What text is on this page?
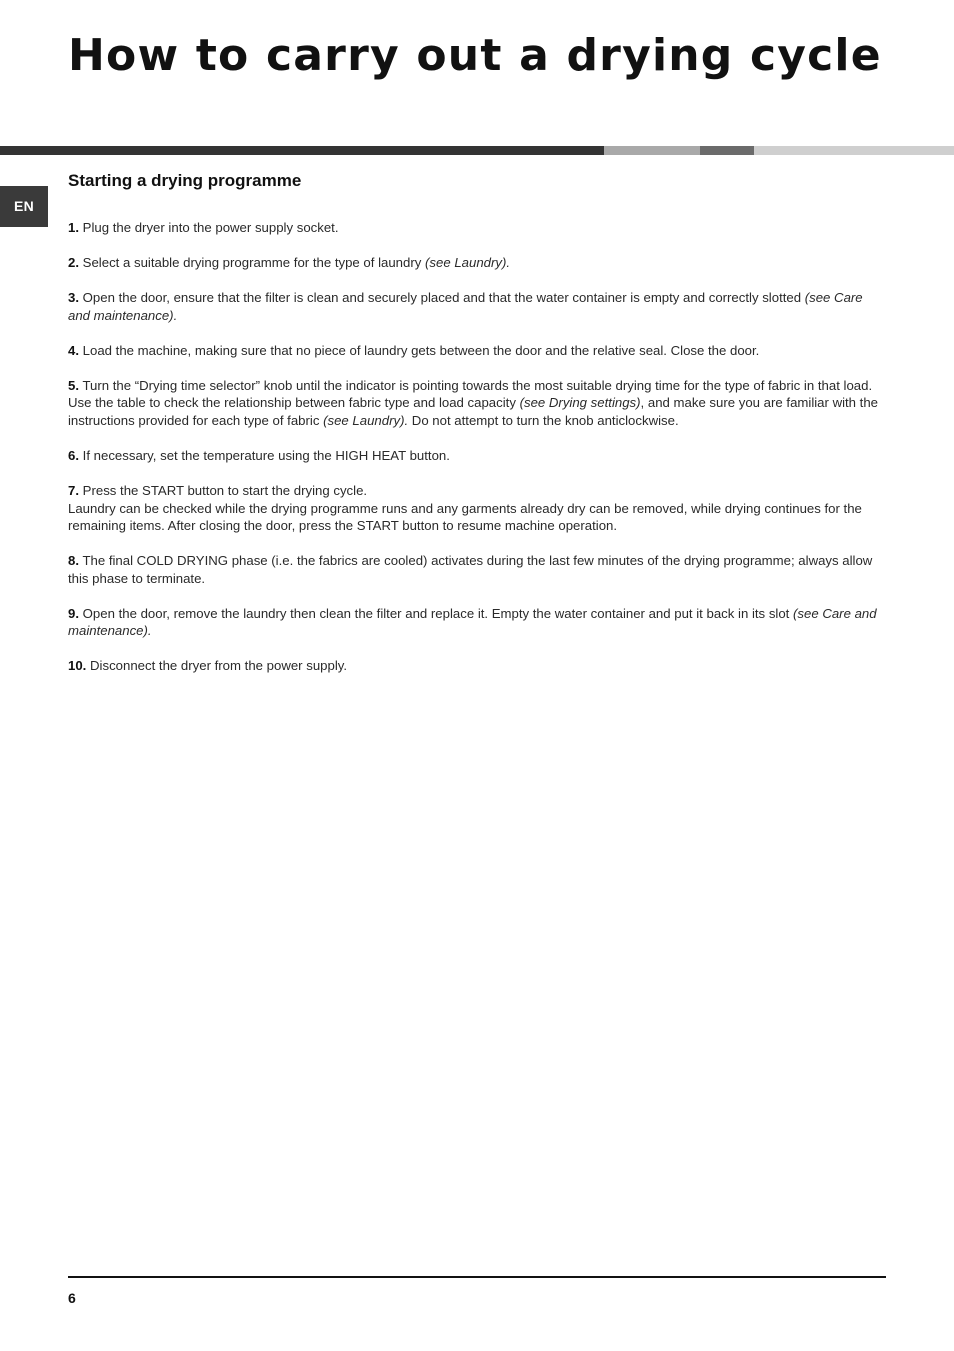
How to carry out a drying cycle
EN
Starting a drying programme
1. Plug the dryer into the power supply socket.
2. Select a suitable drying programme for the type of laundry (see Laundry).
3. Open the door, ensure that the filter is clean and securely placed and that the water container is empty and correctly slotted (see Care and maintenance).
4. Load the machine, making sure that no piece of laundry gets between the door and the relative seal. Close the door.
5. Turn the “Drying time selector” knob until the indicator is pointing towards the most suitable drying time for the type of fabric in that load. Use the table to check the relationship between fabric type and load capacity (see Drying settings), and make sure you are familiar with the instructions provided for each type of fabric (see Laundry). Do not attempt to turn the knob anticlockwise.
6. If necessary, set the temperature using the HIGH HEAT button.
7. Press the START button to start the drying cycle.
Laundry can be checked while the drying programme runs and any garments already dry can be removed, while drying continues for the remaining items. After closing the door, press the START button to resume machine operation.
8. The final COLD DRYING phase (i.e. the fabrics are cooled) activates during the last few minutes of the drying programme; always allow this phase to terminate.
9. Open the door, remove the laundry then clean the filter and replace it. Empty the water container and put it back in its slot (see Care and maintenance).
10. Disconnect the dryer from the power supply.
6
